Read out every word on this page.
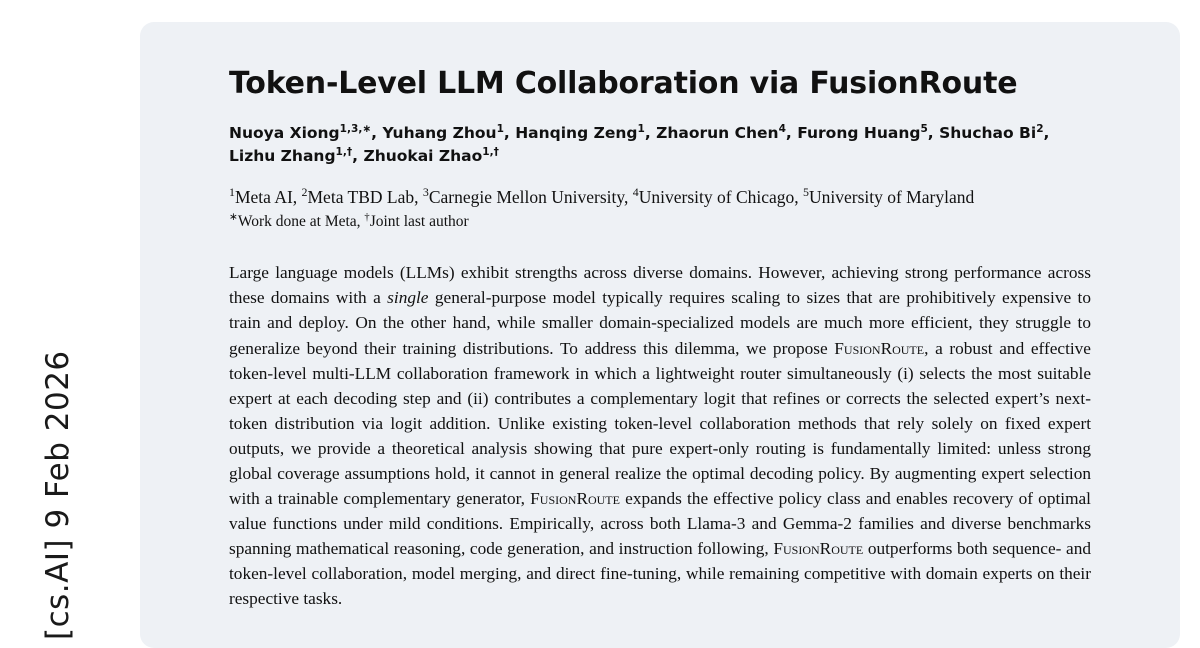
[cs.AI] 9 Feb 2026
Token-Level LLM Collaboration via FusionRoute
Nuoya Xiong$^{1,3,∗}$, Yuhang Zhou$^1$, Hanqing Zeng$^1$, Zhaorun Chen$^4$, Furong Huang$^5$, Shuchao Bi$^2$,
Lizhu Zhang$^{1,\dagger}$, Zhuokai Zhao$^{1,\dagger}$
$^1$Meta AI, $^2$Meta TBD Lab, $^3$Carnegie Mellon University, $^4$University of Chicago, $^5$University of Maryland
∗Work done at Meta, †Joint last author
Large language models (LLMs) exhibit strengths across diverse domains. However, achieving strong performance across these domains with a single general-purpose model typically requires scaling to sizes that are prohibitively expensive to train and deploy. On the other hand, while smaller domain-specialized models are much more efficient, they struggle to generalize beyond their training distributions. To address this dilemma, we propose FusionRoute, a robust and effective token-level multi-LLM collaboration framework in which a lightweight router simultaneously (i) selects the most suitable expert at each decoding step and (ii) contributes a complementary logit that refines or corrects the selected expert’s next-token distribution via logit addition. Unlike existing token-level collaboration methods that rely solely on fixed expert outputs, we provide a theoretical analysis showing that pure expert-only routing is fundamentally limited: unless strong global coverage assumptions hold, it cannot in general realize the optimal decoding policy. By augmenting expert selection with a trainable complementary generator, FusionRoute expands the effective policy class and enables recovery of optimal value functions under mild conditions. Empirically, across both Llama-3 and Gemma-2 families and diverse benchmarks spanning mathematical reasoning, code generation, and instruction following, FusionRoute outperforms both sequence- and token-level collaboration, model merging, and direct fine-tuning, while remaining competitive with domain experts on their respective tasks.
